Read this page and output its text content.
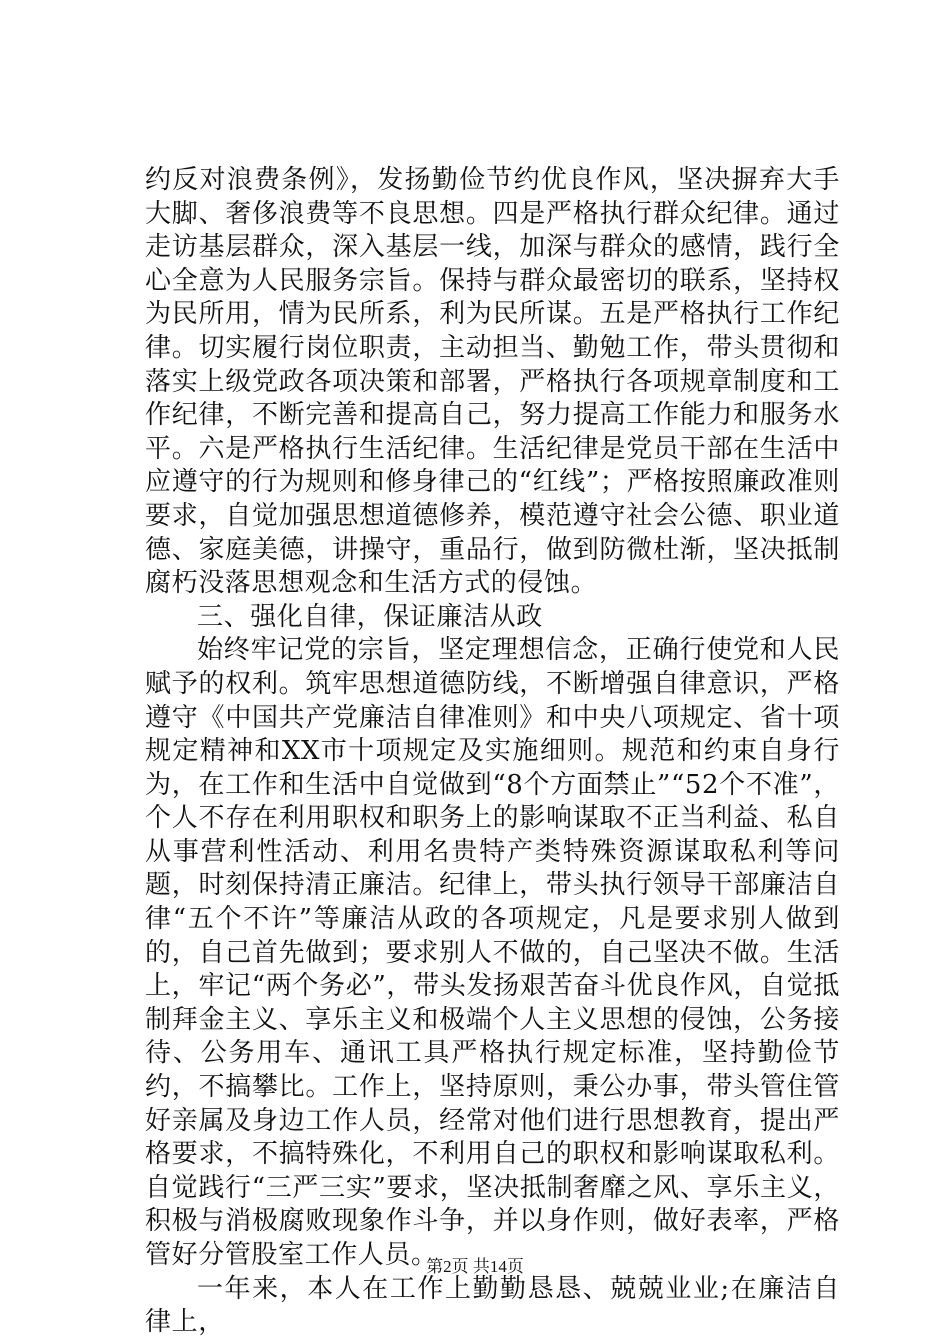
约反对浪费条例》，发扬勤俭节约优良作风，坚决摒弃大手大脚、奢侈浪费等不良思想。四是严格执行群众纪律。通过走访基层群众，深入基层一线，加深与群众的感情，践行全心全意为人民服务宗旨。保持与群众最密切的联系，坚持权为民所用，情为民所系，利为民所谋。五是严格执行工作纪律。切实履行岗位职责，主动担当、勤勉工作，带头贯彻和落实上级党政各项决策和部署，严格执行各项规章制度和工作纪律，不断完善和提高自己，努力提高工作能力和服务水平。六是严格执行生活纪律。生活纪律是党员干部在生活中应遵守的行为规则和修身律己的“红线”；严格按照廉政准则要求，自觉加强思想道德修养，模范遵守社会公德、职业道德、家庭美德，讲操守，重品行，做到防微杜渐，坚决抵制腐朽没落思想观念和生活方式的侵蚀。

三、强化自律，保证廉洁从政

始终牢记党的宗旨，坚定理想信念，正确行使党和人民赋予的权利。筑牢思想道德防线，不断增强自律意识，严格遵守《中国共产党廉洁自律准则》和中央八项规定、省十项规定精神和XX市十项规定及实施细则。规范和约束自身行为，在工作和生活中自觉做到“8个方面禁止”“52个不准”，个人不存在利用职权和职务上的影响谋取不正当利益、私自从事营利性活动、利用名贵特产类特殊资源谋取私利等问题，时刻保持清正廉洁。纪律上，带头执行领导干部廉洁自律“五个不许”等廉洁从政的各项规定，凡是要求别人做到的，自己首先做到；要求别人不做的，自己坚决不做。生活上，牢记“两个务必”，带头发扬艰苦奋斗优良作风，自觉抵制拜金主义、享乐主义和极端个人主义思想的侵蚀，公务接待、公务用车、通讯工具严格执行规定标准，坚持勤俭节约，不搞攀比。工作上，坚持原则，秉公办事，带头管住管好亲属及身边工作人员，经常对他们进行思想教育，提出严格要求，不搞特殊化，不利用自己的职权和影响谋取私利。自觉践行“三严三实”要求，坚决抵制奢靡之风、享乐主义，积极与消极腐败现象作斗争，并以身作则，做好表率，严格管好分管股室工作人员。

一年来，本人在工作上勤勤恳恳、兢兢业业;在廉洁自律上，

第2页 共14页
